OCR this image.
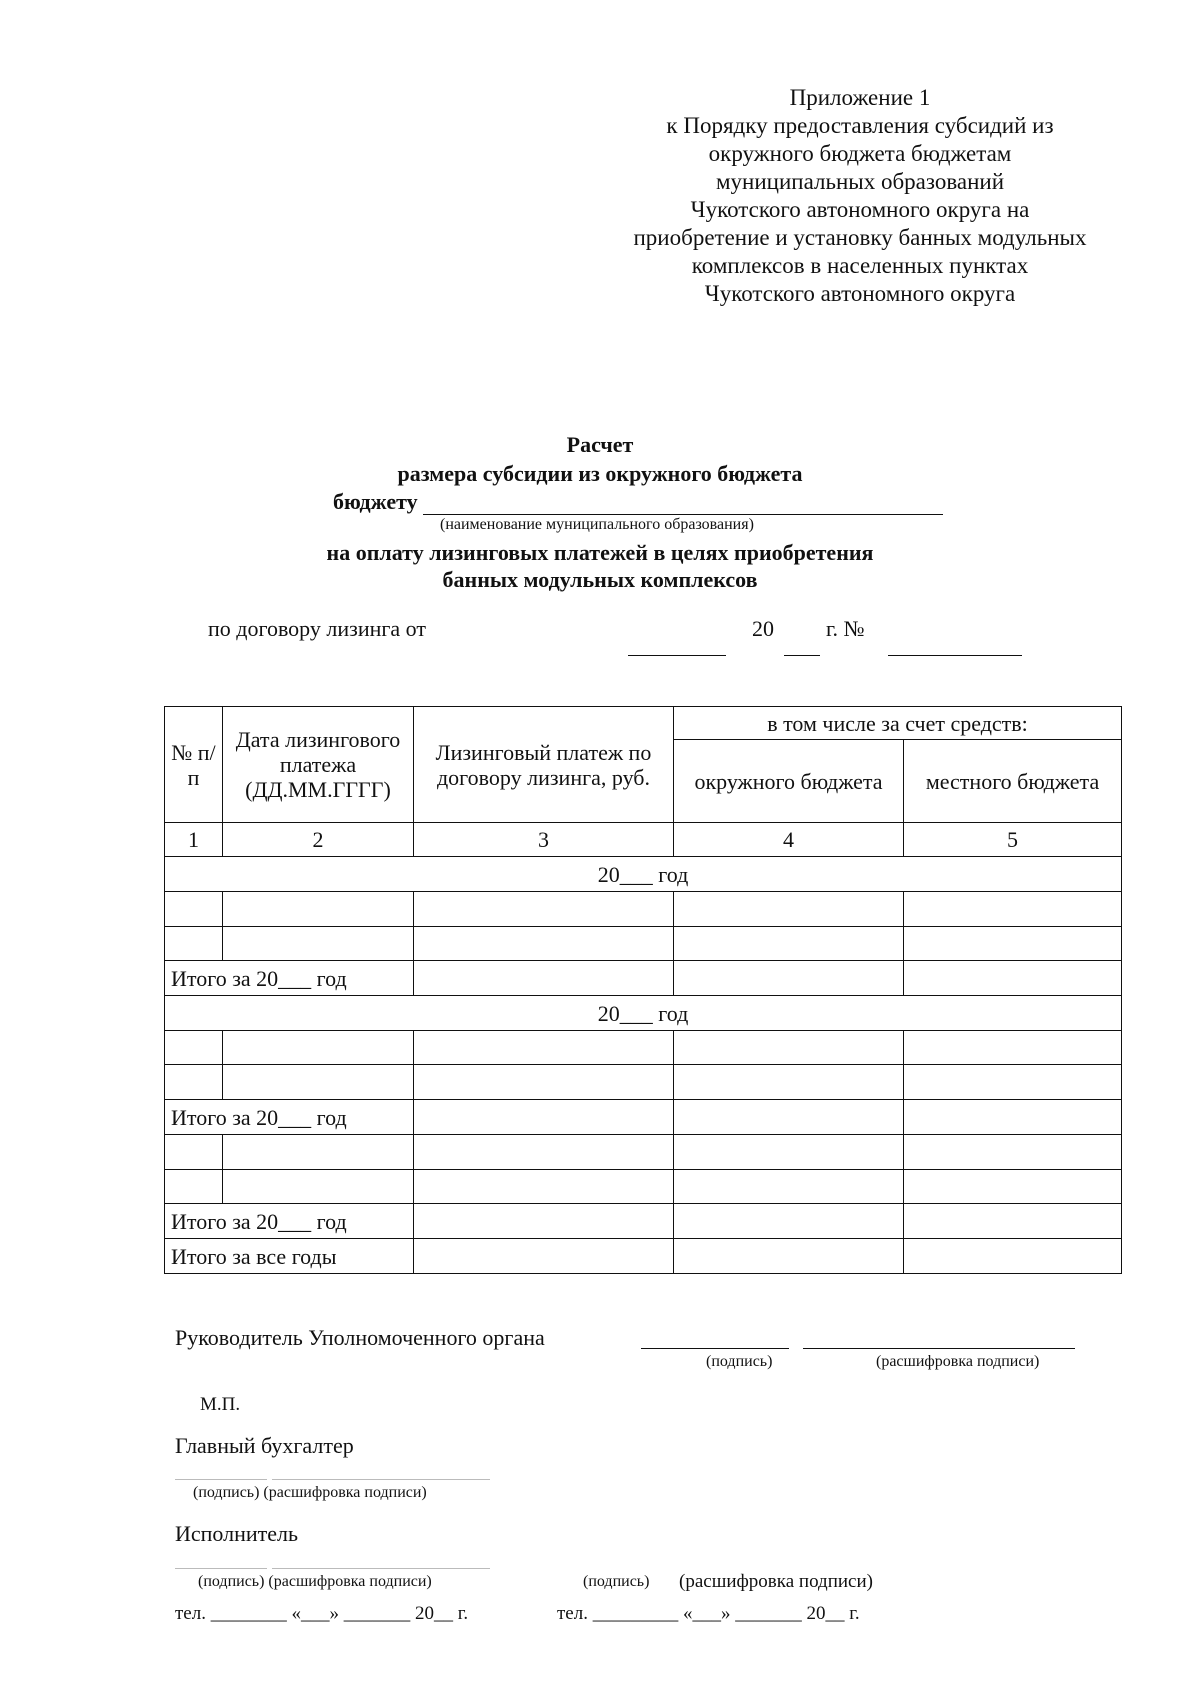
Приложение 1
к Порядку предоставления субсидий из
окружного бюджета бюджетам
муниципальных образований
Чукотского автономного округа на
приобретение и установку банных модульных
комплексов в населенных пунктах
Чукотского автономного округа
Расчет
размера субсидии из окружного бюджета
бюджету
(наименование муниципального образования)
на оплату лизинговых платежей в целях приобретения
банных модульных комплексов
по договору лизинга от	20 г. №
№ п/п	Дата лизингового платежа (ДД.ММ.ГГГГ)	Лизинговый платеж по договору лизинга, руб.	в том числе за счет средств:	
			окружного бюджета	местного бюджета
1	2	3	4	5
20___ год				

Итого за 20___ год				
20___ год				

Итого за 20___ год				

Итого за 20___ год				
Итого за все годы				
Руководитель Уполномоченного органа
(подпись)	(расшифровка подписи)
М.П.
Главный бухгалтер
(подпись) (расшифровка подписи)
Исполнитель
(подпись) (расшифровка подписи)	(подпись) (расшифровка подписи)
тел. ________ «___» _______ 20__ г.	тел. _________ «___» _______ 20__ г.
